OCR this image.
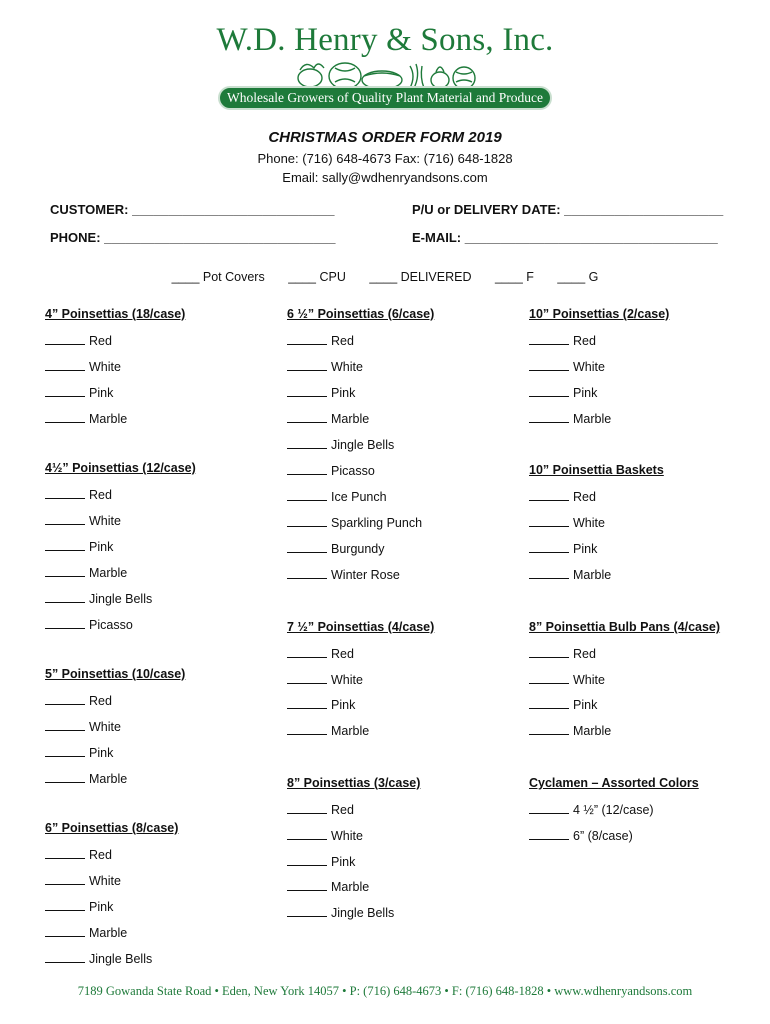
W.D. Henry & Sons, Inc.
Wholesale Growers of Quality Plant Material and Produce
CHRISTMAS ORDER FORM 2019
Phone: (716) 648-4673 Fax: (716) 648-1828
Email: sally@wdhenryandsons.com
CUSTOMER: ____________________________	P/U or DELIVERY DATE: ______________________
PHONE: ________________________________	E-MAIL: ___________________________________
____ Pot Covers ____ CPU ____ DELIVERED ____ F ____ G
4” Poinsettias (18/case)
Red
White
Pink
Marble
4½” Poinsettias (12/case)
Red
White
Pink
Marble
Jingle Bells
Picasso
5” Poinsettias (10/case)
Red
White
Pink
Marble
6” Poinsettias (8/case)
Red
White
Pink
Marble
Jingle Bells
6 ½” Poinsettias (6/case)
Red
White
Pink
Marble
Jingle Bells
Picasso
Ice Punch
Sparkling Punch
Burgundy
Winter Rose
7 ½” Poinsettias (4/case)
Red
White
Pink
Marble
8” Poinsettias (3/case)
Red
White
Pink
Marble
Jingle Bells
10” Poinsettias (2/case)
Red
White
Pink
Marble
10” Poinsettia Baskets
Red
White
Pink
Marble
8” Poinsettia Bulb Pans (4/case)
Red
White
Pink
Marble
Cyclamen – Assorted Colors
4 ½” (12/case)
6” (8/case)
7189 Gowanda State Road • Eden, New York 14057 • P: (716) 648-4673 • F: (716) 648-1828 • www.wdhenryandsons.com
